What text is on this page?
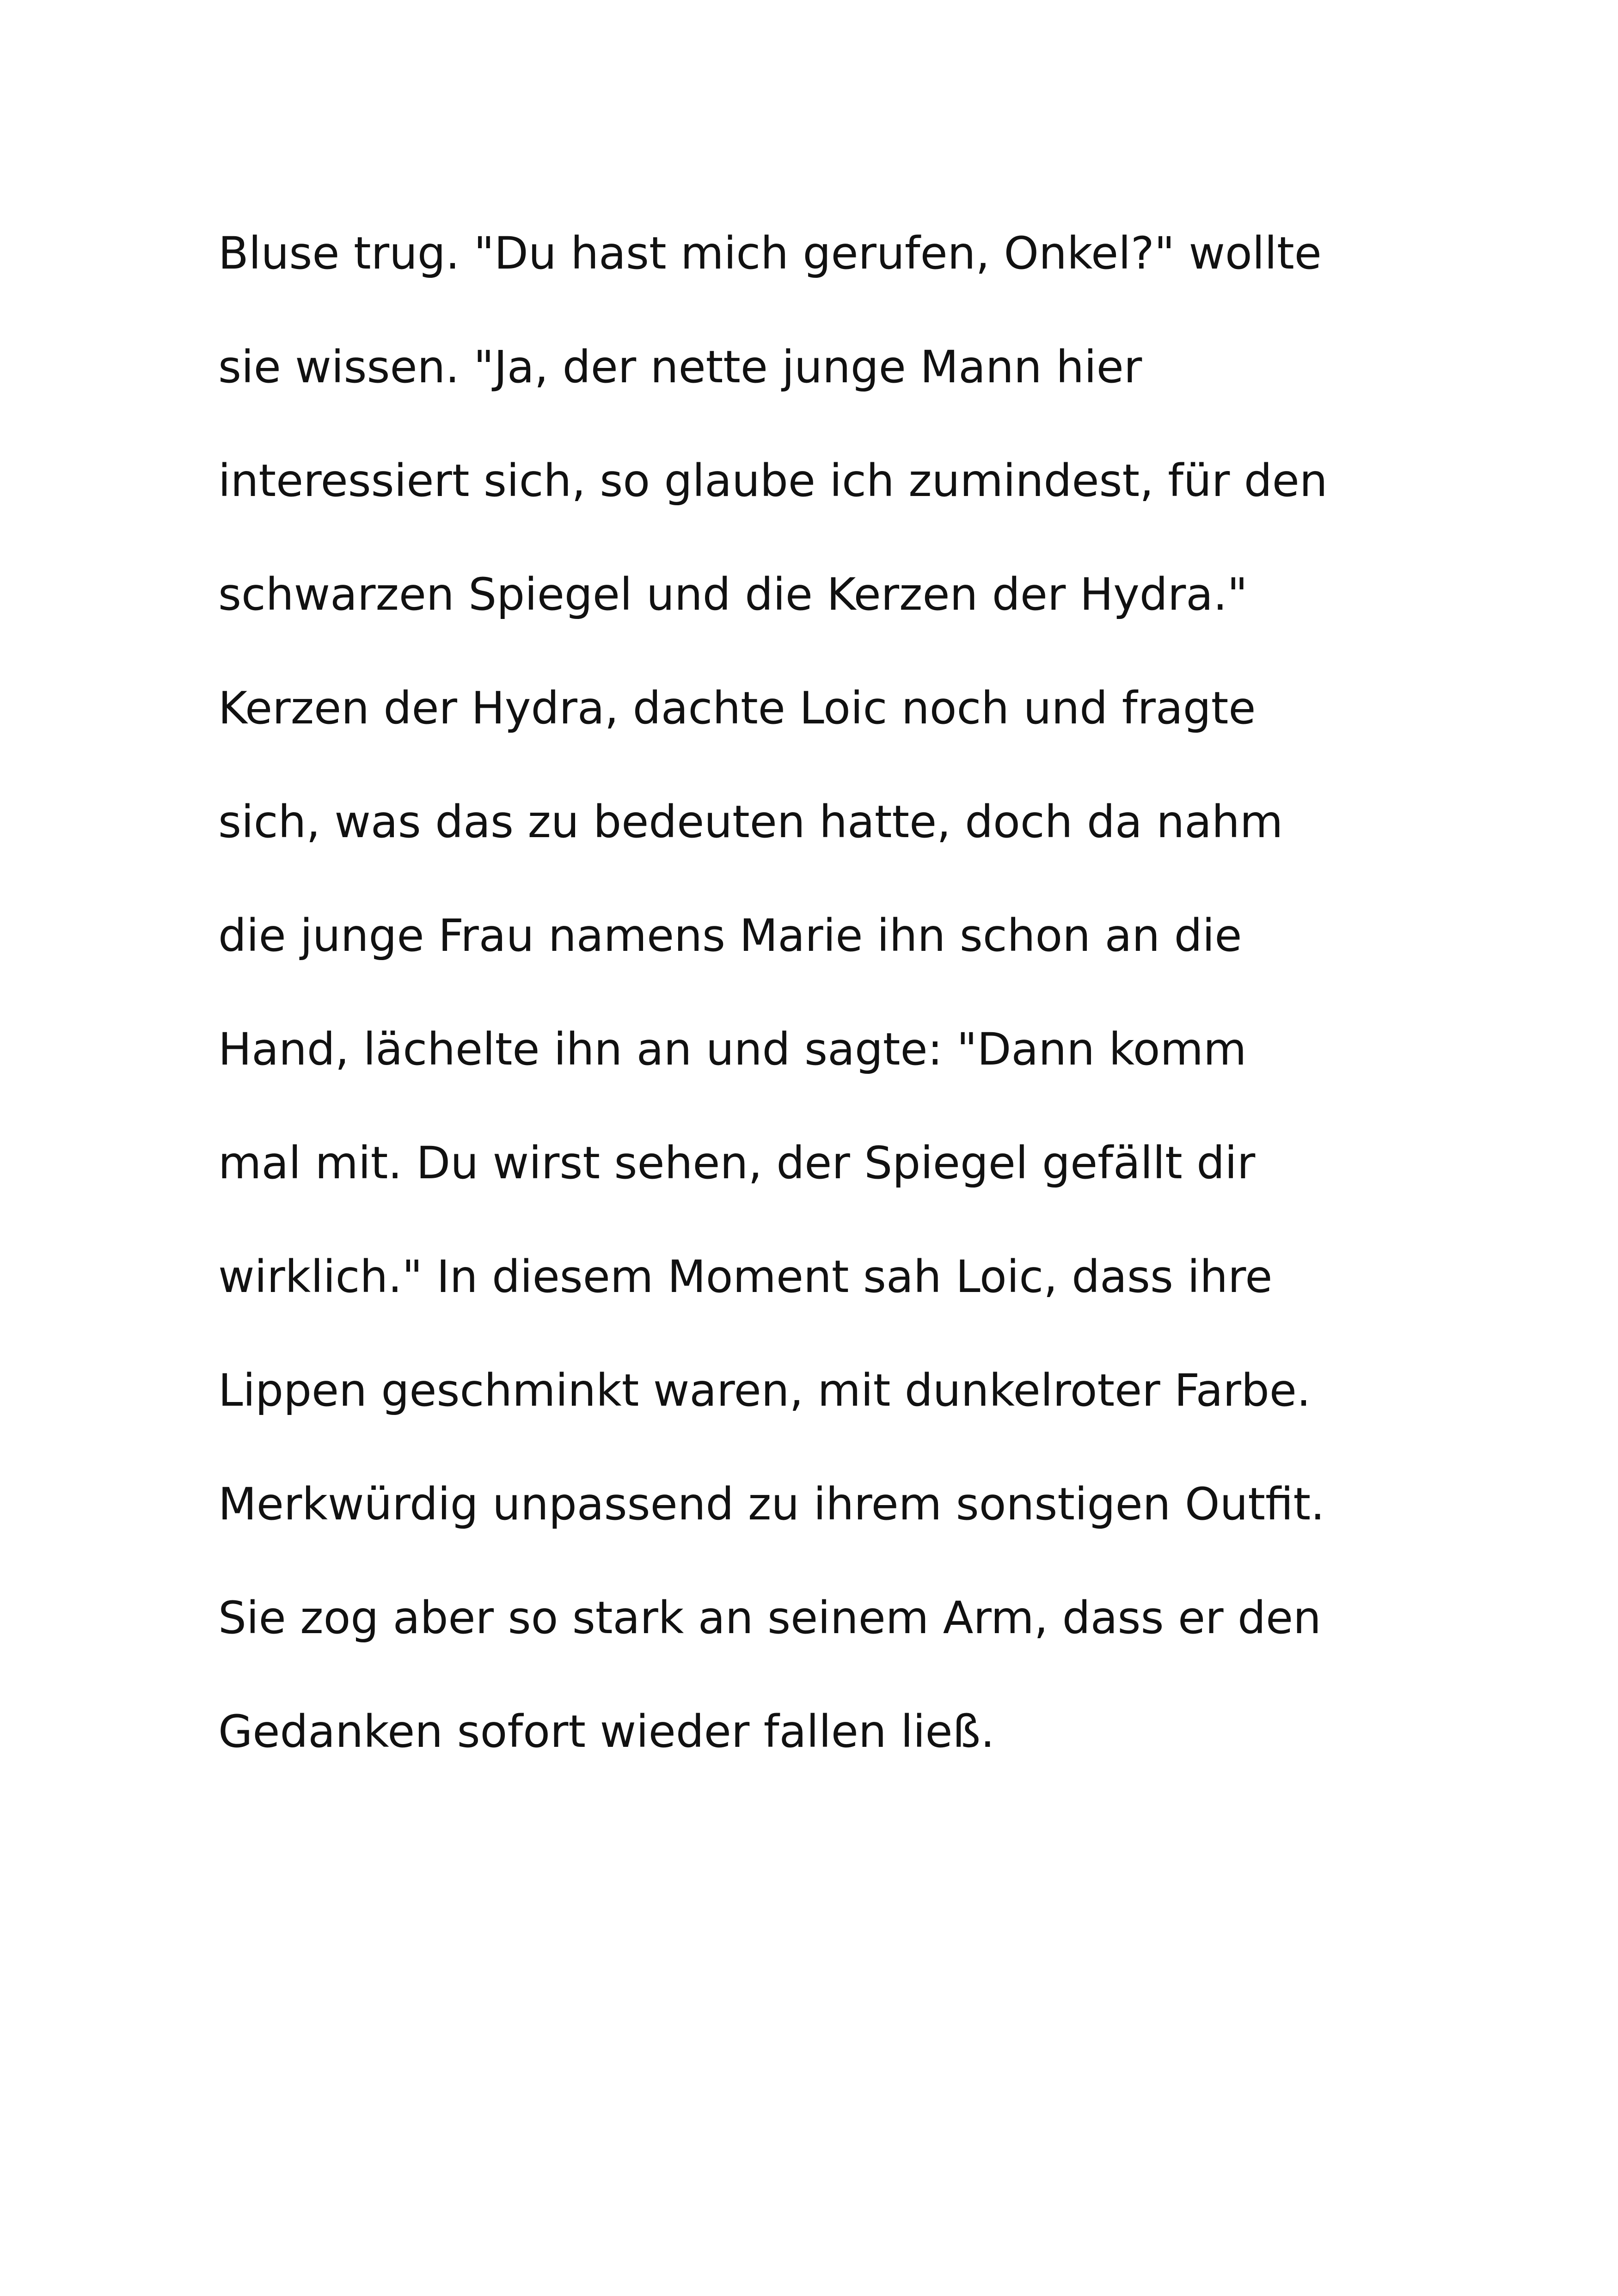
Bluse trug. "Du hast mich gerufen, Onkel?" wollte
sie wissen. "Ja, der nette junge Mann hier
interessiert sich, so glaube ich zumindest, für den
schwarzen Spiegel und die Kerzen der Hydra."
Kerzen der Hydra, dachte Loic noch und fragte
sich, was das zu bedeuten hatte, doch da nahm
die junge Frau namens Marie ihn schon an die
Hand, lächelte ihn an und sagte: "Dann komm
mal mit. Du wirst sehen, der Spiegel gefällt dir
wirklich." In diesem Moment sah Loic, dass ihre
Lippen geschminkt waren, mit dunkelroter Farbe.
Merkwürdig unpassend zu ihrem sonstigen Outfit.
Sie zog aber so stark an seinem Arm, dass er den
Gedanken sofort wieder fallen ließ.
